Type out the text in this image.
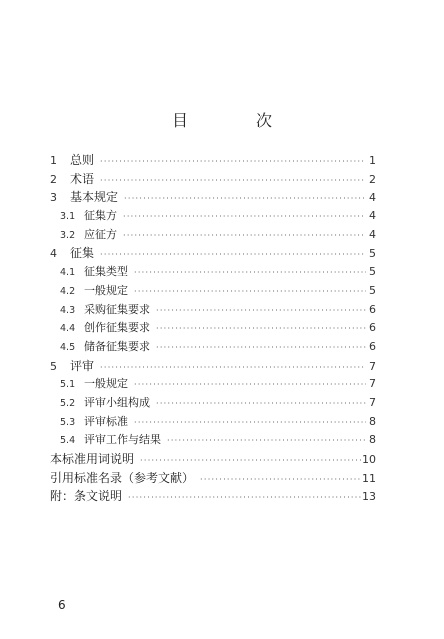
目　次
1	总则 ·····	1
2	术语 ·····	2
3	基本规定 ·····	4
3.1 征集方 ·····	4
3.2 应征方 ·····	4
4	征集 ·····	5
4.1 征集类型 ·····	5
4.2 一般规定 ·····	5
4.3 采购征集要求 ·····	6
4.4 创作征集要求 ·····	6
4.5 储备征集要求 ·····	6
5	评审 ·····	7
5.1 一般规定 ·····	7
5.2 评审小组构成 ·····	7
5.3 评审标准 ·····	8
5.4 评审工作与结果 ·····	8
本标准用词说明 ·····	10
引用标准名录（参考文献） ·····	11
附：条文说明 ·····	13
6
